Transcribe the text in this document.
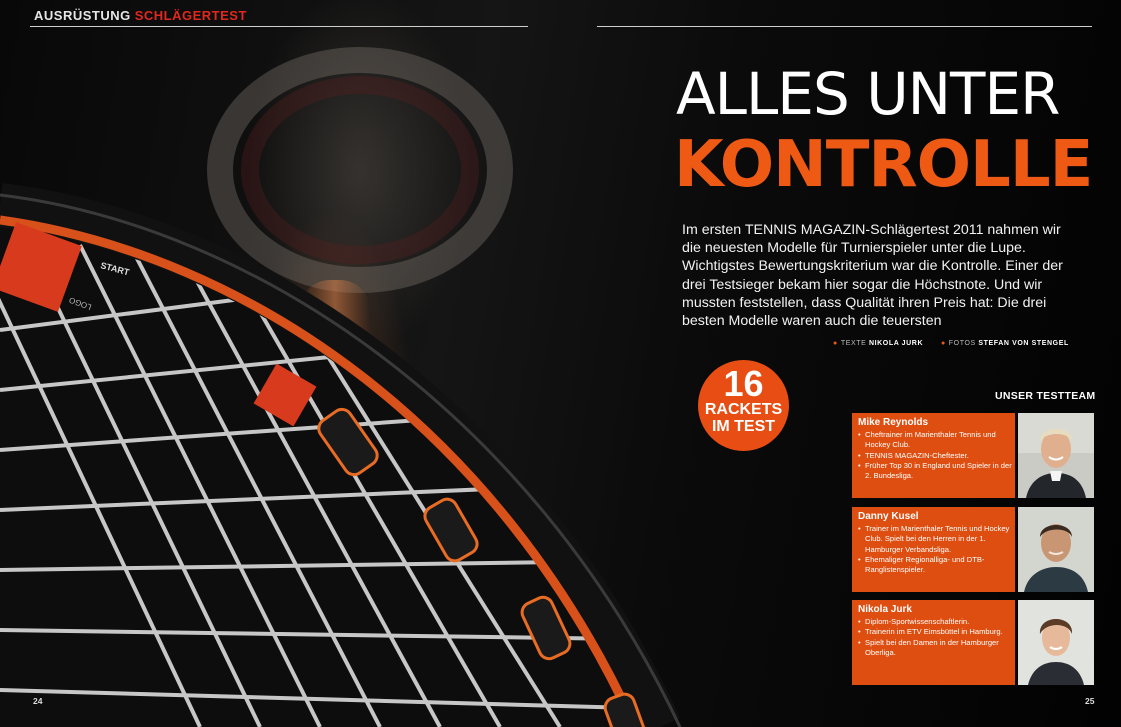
START
LOGO
AUSRÜSTUNG SCHLÄGERTEST
ALLES UNTER
KONTROLLE
Im ersten TENNIS MAGAZIN-Schlägertest 2011 nahmen wir die neuesten Modelle für Turnierspieler unter die Lupe. Wichtigstes Bewertungskriterium war die Kontrolle. Einer der drei Testsieger bekam hier sogar die Höchstnote. Und wir mussten feststellen, dass Qualität ihren Preis hat: Die drei besten Modelle waren auch die teuersten
● TEXTE NIKOLA JURK	● FOTOS STEFAN VON STENGEL
16
RACKETS
IM TEST
UNSER TESTTEAM
Mike Reynolds
• Cheftrainer im Marienthaler Tennis und Hockey Club.
• TENNIS MAGAZIN-Cheftester.
• Früher Top 30 in England und Spieler in der 2. Bundesliga.
Danny Kusel
• Trainer im Marienthaler Tennis und Hockey Club. Spielt bei den Herren in der 1. Hamburger Verbandsliga.
• Ehemaliger Regionalliga- und DTB-Ranglistenspieler.
Nikola Jurk
• Diplom-Sportwissenschaftlerin.
• Trainerin im ETV Eimsbüttel in Hamburg.
• Spielt bei den Damen in der Hamburger Oberliga.
24	25
